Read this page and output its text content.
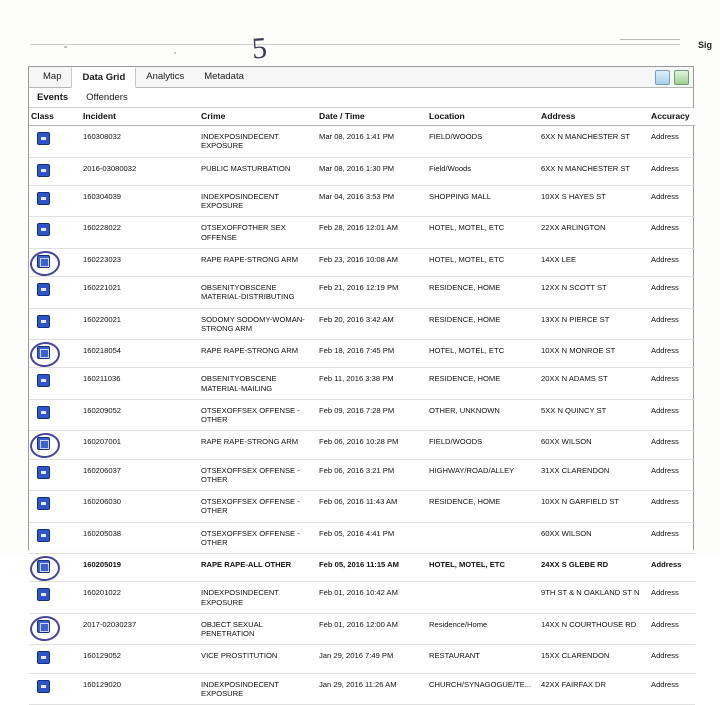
5	Sig
Map	Data Grid	Analytics	Metadata
Events Offenders
Class	Incident	Crime	Date / Time	Location	Address	Accuracy
	160308032	INDEXPOSINDECENT EXPOSURE	Mar 08, 2016 1:41 PM	FIELD/WOODS	6XX N MANCHESTER ST	Address
	2016-03080032	PUBLIC MASTURBATION	Mar 08, 2016 1:30 PM	Field/Woods	6XX N MANCHESTER ST	Address
	160304039	INDEXPOSINDECENT EXPOSURE	Mar 04, 2016 3:53 PM	SHOPPING MALL	10XX S HAYES ST	Address
	160228022	OTSEXOFFOTHER SEX OFFENSE	Feb 28, 2016 12:01 AM	HOTEL, MOTEL, ETC	22XX ARLINGTON	Address
	160223023	RAPE RAPE-STRONG ARM	Feb 23, 2016 10:08 AM	HOTEL, MOTEL, ETC	14XX LEE	Address
	160221021	OBSENITYOBSCENE MATERIAL-DISTRIBUTING	Feb 21, 2016 12:19 PM	RESIDENCE, HOME	12XX N SCOTT ST	Address
	160220021	SODOMY SODOMY-WOMAN-STRONG ARM	Feb 20, 2016 3:42 AM	RESIDENCE, HOME	13XX N PIERCE ST	Address
	160218054	RAPE RAPE-STRONG ARM	Feb 18, 2016 7:45 PM	HOTEL, MOTEL, ETC	10XX N MONROE ST	Address
	160211036	OBSENITYOBSCENE MATERIAL-MAILING	Feb 11, 2016 3:38 PM	RESIDENCE, HOME	20XX N ADAMS ST	Address
	160209052	OTSEXOFFSEX OFFENSE - OTHER	Feb 09, 2016 7:28 PM	OTHER, UNKNOWN	5XX N QUINCY ST	Address
	160207001	RAPE RAPE-STRONG ARM	Feb 06, 2016 10:28 PM	FIELD/WOODS	60XX WILSON	Address
	160206037	OTSEXOFFSEX OFFENSE - OTHER	Feb 06, 2016 3:21 PM	HIGHWAY/ROAD/ALLEY	31XX CLARENDON	Address
	160206030	OTSEXOFFSEX OFFENSE - OTHER	Feb 06, 2016 11:43 AM	RESIDENCE, HOME	10XX N GARFIELD ST	Address
	160205038	OTSEXOFFSEX OFFENSE - OTHER	Feb 05, 2016 4:41 PM		60XX WILSON	Address
	160205019	RAPE RAPE-ALL OTHER	Feb 05, 2016 11:15 AM	HOTEL, MOTEL, ETC	24XX S GLEBE RD	Address
	160201022	INDEXPOSINDECENT EXPOSURE	Feb 01, 2016 10:42 AM		9TH ST & N OAKLAND ST N	Address
	2017-02030237	OBJECT SEXUAL PENETRATION	Feb 01, 2016 12:00 AM	Residence/Home	14XX N COURTHOUSE RD	Address
	160129052	VICE PROSTITUTION	Jan 29, 2016 7:49 PM	RESTAURANT	15XX CLARENDON	Address
	160129020	INDEXPOSINDECENT EXPOSURE	Jan 29, 2016 11:26 AM	CHURCH/SYNAGOGUE/TE...	42XX FAIRFAX DR	Address
